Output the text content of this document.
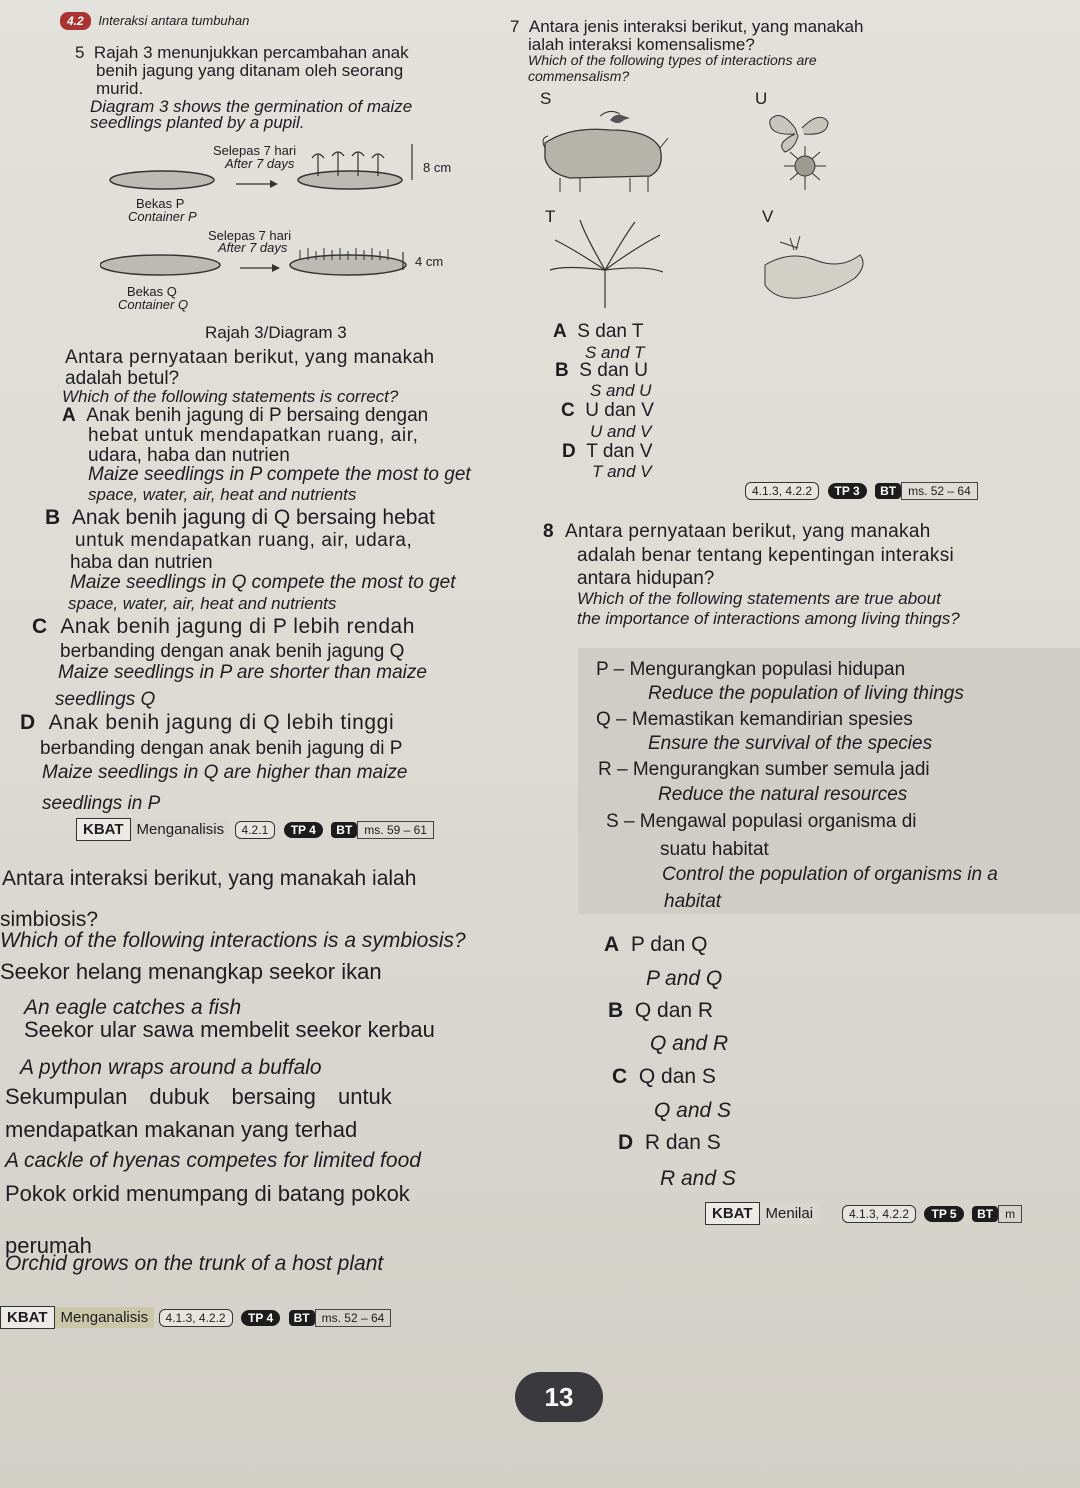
4.2 Interaksi antara tumbuhan
5 Rajah 3 menunjukkan percambahan anak
benih jagung yang ditanam oleh seorang
murid.
Diagram 3 shows the germination of maize
seedlings planted by a pupil.
Selepas 7 hari
After 7 days	8 cm
Bekas P
Container P
Selepas 7 hari
After 7 days
4 cm
Bekas Q
Container Q
Rajah 3/Diagram 3
Antara pernyataan berikut, yang manakah
adalah betul?
Which of the following statements is correct?
A Anak benih jagung di P bersaing dengan
hebat untuk mendapatkan ruang, air,
udara, haba dan nutrien
Maize seedlings in P compete the most to get
space, water, air, heat and nutrients
B Anak benih jagung di Q bersaing hebat
untuk mendapatkan ruang, air, udara,
haba dan nutrien
Maize seedlings in Q compete the most to get
space, water, air, heat and nutrients
C Anak benih jagung di P lebih rendah
berbanding dengan anak benih jagung Q
Maize seedlings in P are shorter than maize
seedlings Q
D Anak benih jagung di Q lebih tinggi
berbanding dengan anak benih jagung di P
Maize seedlings in Q are higher than maize
seedlings in P
KBAT Menganalisis 4.2.1 TP 4 BT ms. 59 – 61
Antara interaksi berikut, yang manakah ialah
simbiosis?
Which of the following interactions is a symbiosis?
Seekor helang menangkap seekor ikan
An eagle catches a fish
Seekor ular sawa membelit seekor kerbau
A python wraps around a buffalo
Sekumpulan dubuk bersaing untuk
mendapatkan makanan yang terhad
A cackle of hyenas competes for limited food
Pokok orkid menumpang di batang pokok
perumah
Orchid grows on the trunk of a host plant
KBAT Menganalisis 4.1.3, 4.2.2 TP 4 BT ms. 52 – 64
7 Antara jenis interaksi berikut, yang manakah
ialah interaksi komensalisme?
Which of the following types of interactions are
commensalism?
S	U
T	V
A S dan T
S and T
B S dan U
S and U
C U dan V
U and V
D T dan V
T and V
4.1.3, 4.2.2 TP 3 BT ms. 52 – 64
8 Antara pernyataan berikut, yang manakah
adalah benar tentang kepentingan interaksi
antara hidupan?
Which of the following statements are true about
the importance of interactions among living things?
P – Mengurangkan populasi hidupan
Reduce the population of living things
Q – Memastikan kemandirian spesies
Ensure the survival of the species
R – Mengurangkan sumber semula jadi
Reduce the natural resources
S – Mengawal populasi organisma di
suatu habitat
Control the population of organisms in a
habitat
A P dan Q
P and Q
B Q dan R
Q and R
C Q dan S
Q and S
D R dan S
R and S
KBAT Menilai	4.1.3, 4.2.2 TP 5 BT m
13
